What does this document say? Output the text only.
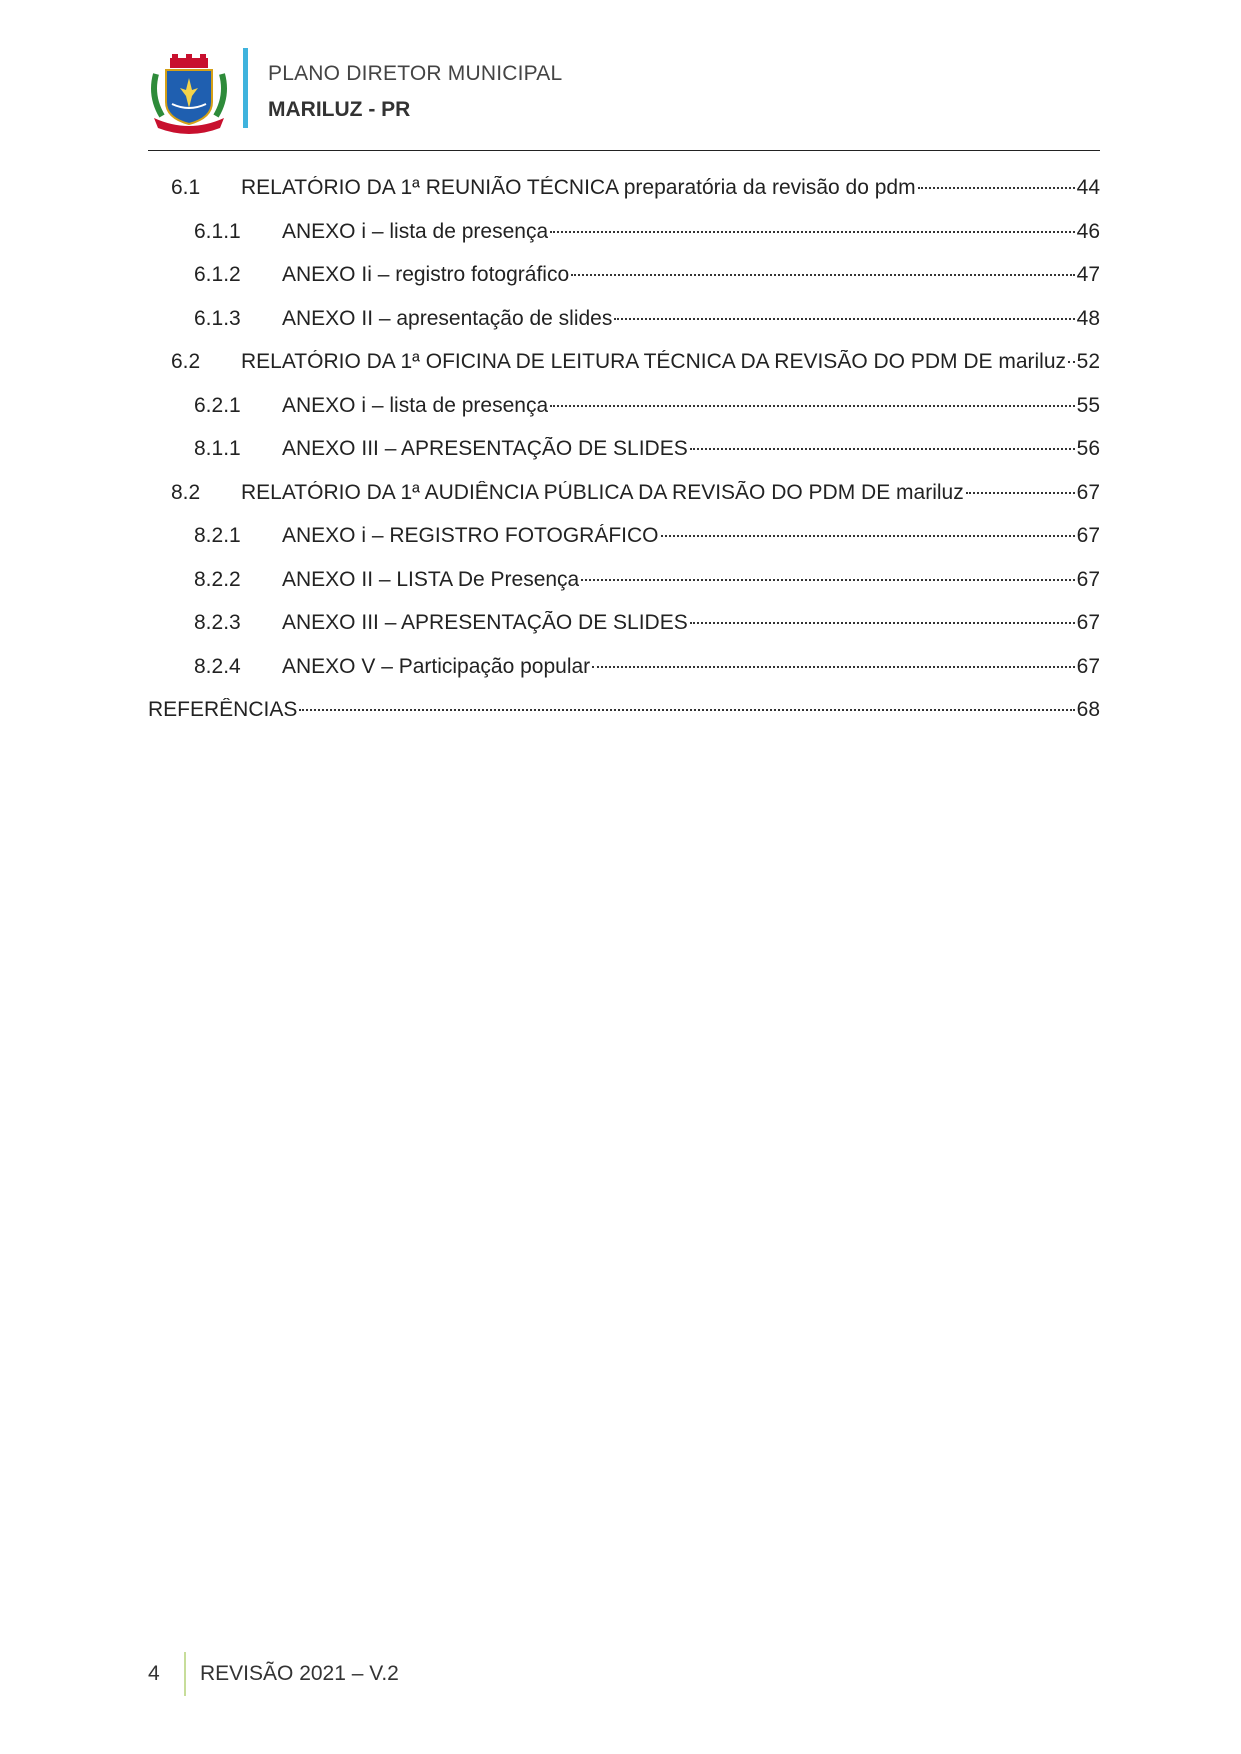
PLANO DIRETOR MUNICIPAL
MARILUZ - PR
6.1	RELATÓRIO DA 1ª REUNIÃO TÉCNICA preparatória da revisão do pdm	44
6.1.1	ANEXO i – lista de presença	46
6.1.2	ANEXO Ii – registro fotográfico	47
6.1.3	ANEXO II – apresentação de slides	48
6.2	RELATÓRIO DA 1ª OFICINA DE LEITURA TÉCNICA DA REVISÃO DO PDM DE mariluz 52
6.2.1	ANEXO i – lista de presença	55
8.1.1	ANEXO III – APRESENTAÇÃO DE SLIDES	56
8.2	RELATÓRIO DA 1ª AUDIÊNCIA PÚBLICA DA REVISÃO DO PDM DE mariluz	67
8.2.1	ANEXO i – REGISTRO FOTOGRÁFICO	67
8.2.2	ANEXO II – LISTA De Presença	67
8.2.3	ANEXO III – APRESENTAÇÃO DE SLIDES	67
8.2.4	ANEXO V – Participação popular	67
REFERÊNCIAS	68
4 REVISÃO 2021 – V.2
